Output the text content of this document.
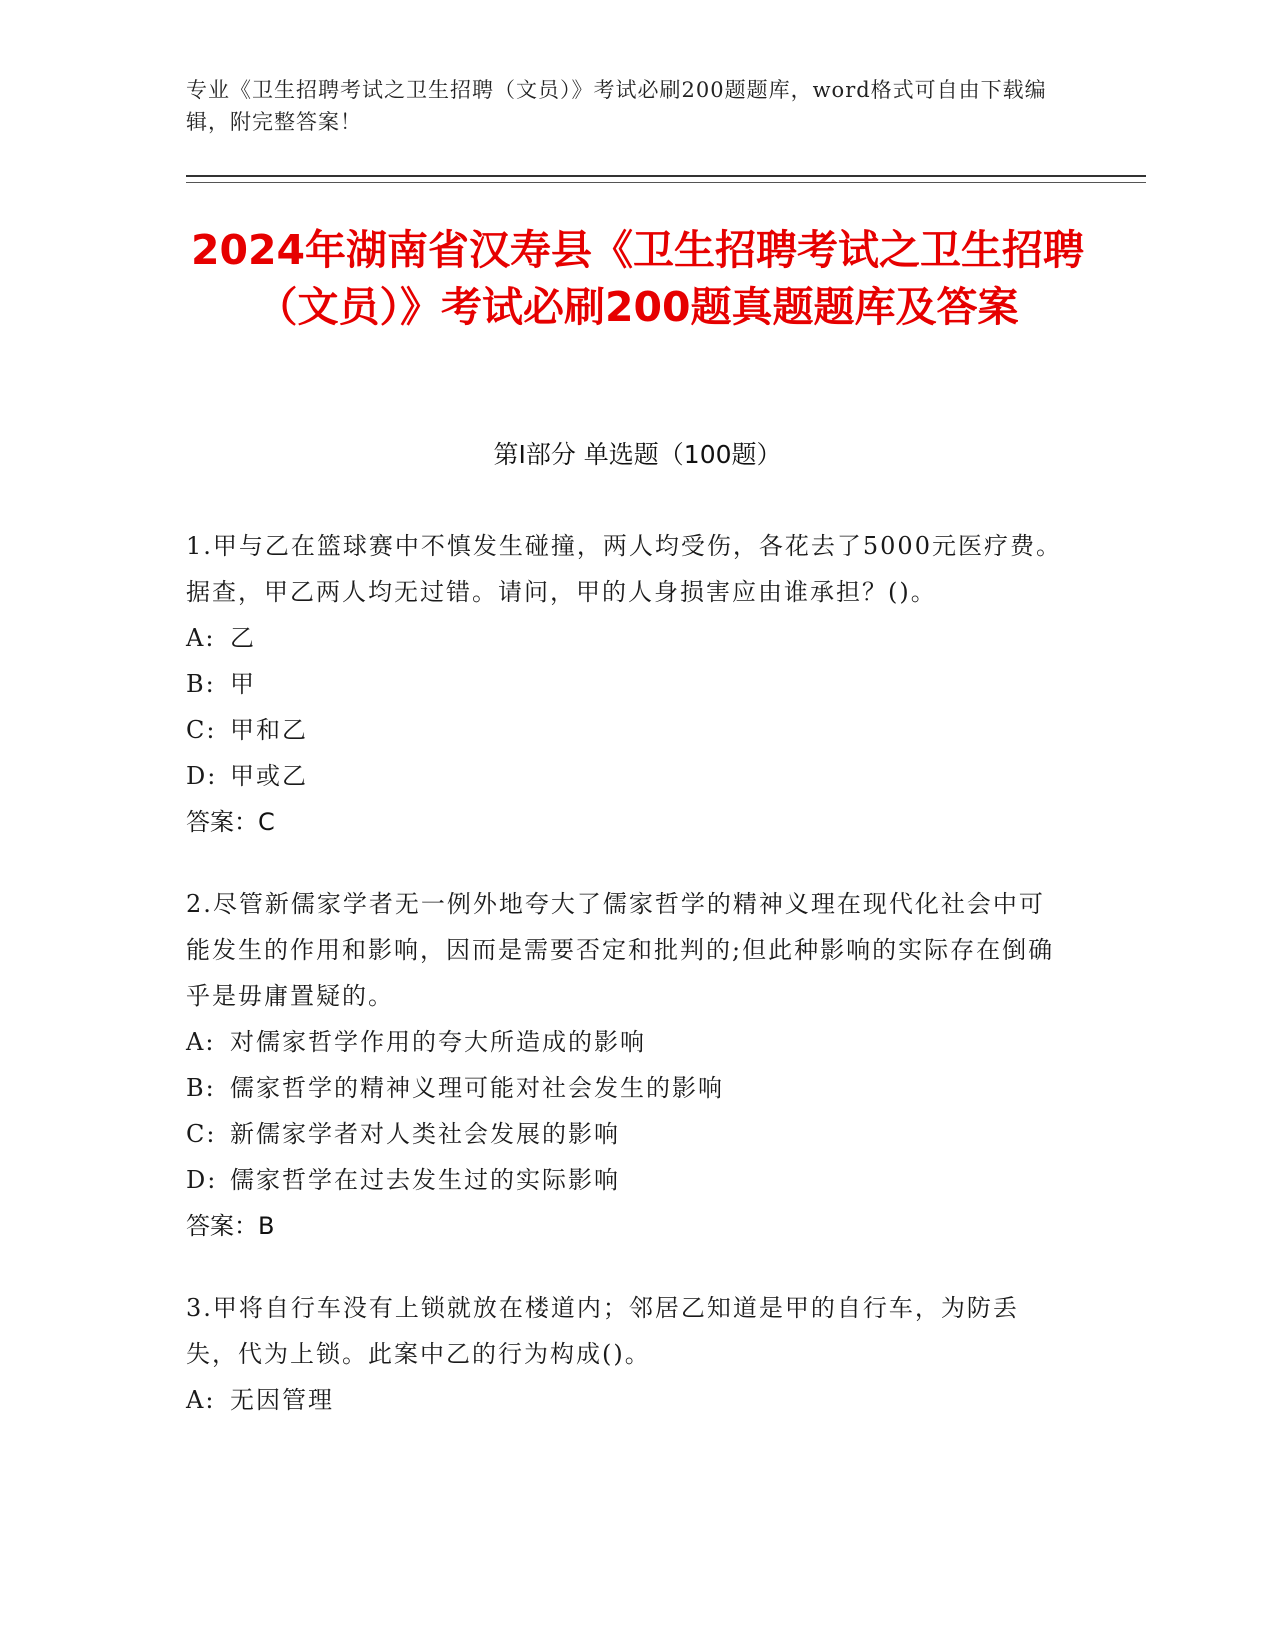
专业《卫生招聘考试之卫生招聘（文员）》考试必刷200题题库，word格式可自由下载编辑，附完整答案！
2024年湖南省汉寿县《卫生招聘考试之卫生招聘（文员）》考试必刷200题真题题库及答案
第Ⅰ部分 单选题（100题）

1.甲与乙在篮球赛中不慎发生碰撞，两人均受伤，各花去了5000元医疗费。据查，甲乙两人均无过错。请问，甲的人身损害应由谁承担？()。

A: 乙

B: 甲

C: 甲和乙

D: 甲或乙

答案：C

2.尽管新儒家学者无一例外地夸大了儒家哲学的精神义理在现代化社会中可能发生的作用和影响，因而是需要否定和批判的;但此种影响的实际存在倒确乎是毋庸置疑的。

A: 对儒家哲学作用的夸大所造成的影响

B: 儒家哲学的精神义理可能对社会发生的影响

C: 新儒家学者对人类社会发展的影响

D: 儒家哲学在过去发生过的实际影响

答案：B

3.甲将自行车没有上锁就放在楼道内；邻居乙知道是甲的自行车，为防丢失，代为上锁。此案中乙的行为构成()。

A: 无因管理
